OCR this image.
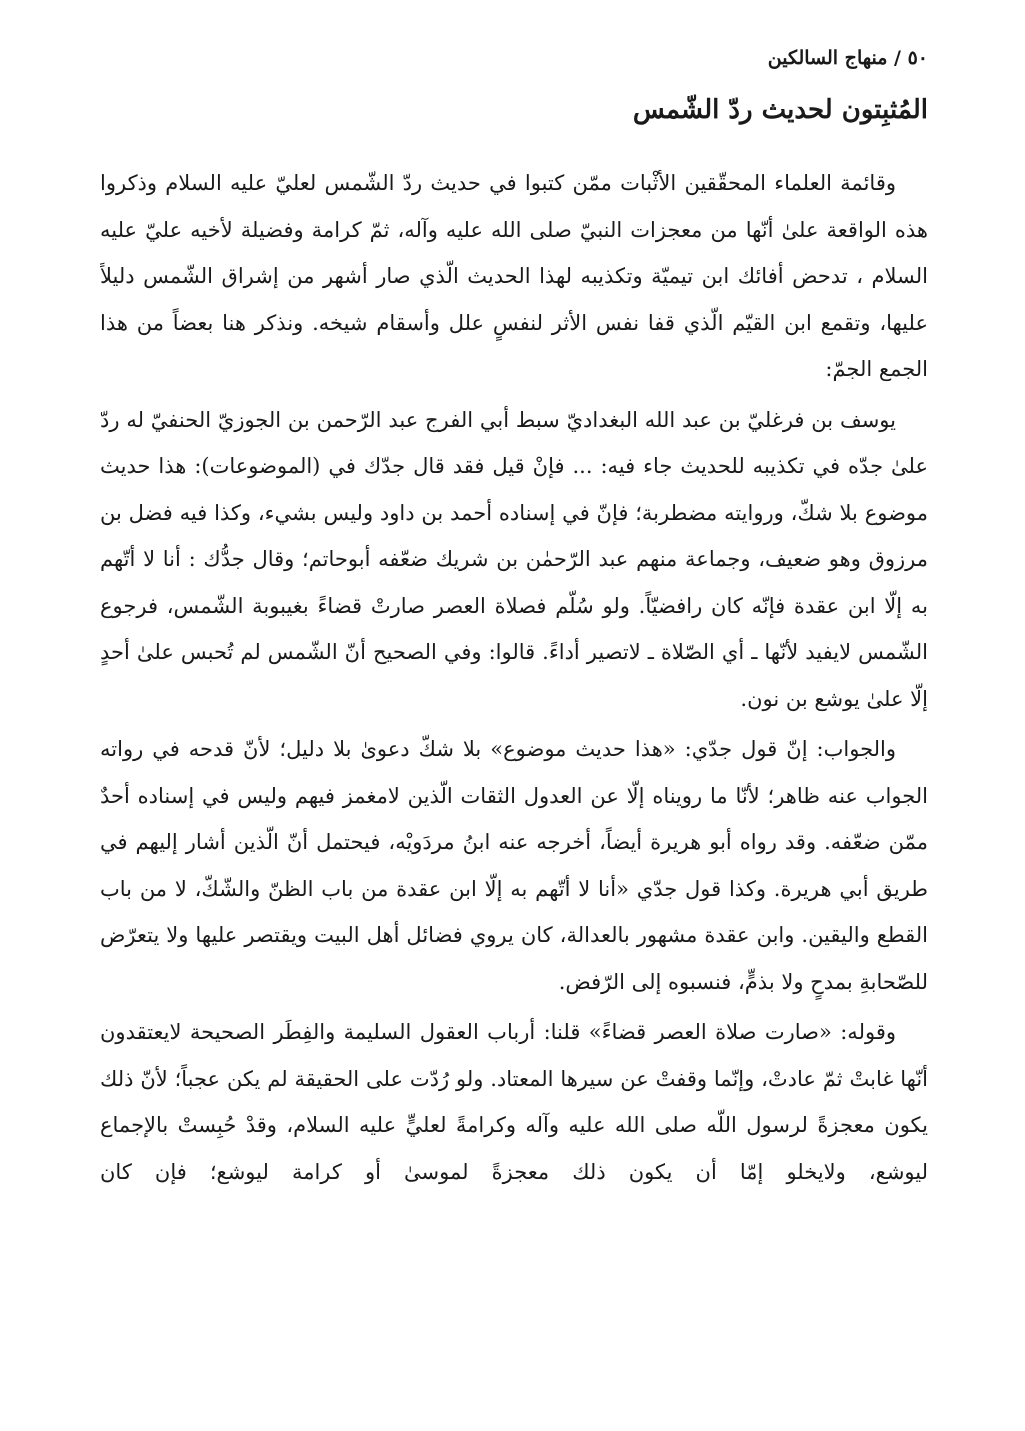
٥٠ / منهاج السالكين
المُثبِتون لحديث ردّ الشّمس

وقائمة العلماء المحقّقين الأثْبات ممّن كتبوا في حديث ردّ الشّمس لعليّ عليه السلام وذكروا هذه الواقعة علىٰ أنّها من معجزات النبيّ صلى الله عليه وآله، ثمّ كرامة وفضيلة لأخيه عليّ عليه السلام ، تدحض أفائك ابن تيميّة وتكذيبه لهذا الحديث الّذي صار أشهر من إشراق الشّمس دليلاً عليها، وتقمع ابن القيّم الّذي قفا نفس الأثر لنفسٍ علل وأسقام شيخه. ونذكر هنا بعضاً من هذا الجمع الجمّ:

يوسف بن فرغليّ بن عبد الله البغداديّ سبط أبي الفرج عبد الرّحمن بن الجوزيّ الحنفيّ له ردّ علىٰ جدّه في تكذيبه للحديث جاء فيه: ... فإنْ قيل فقد قال جدّك في (الموضوعات): هذا حديث موضوع بلا شكّ، وروايته مضطربة؛ فإنّ في إسناده أحمد بن داود وليس بشيء، وكذا فيه فضل بن مرزوق وهو ضعيف، وجماعة منهم عبد الرّحمٰن بن شريك ضعّفه أبوحاتم؛ وقال جدُّك : أنا لا أتّهم به إلّا ابن عقدة فإنّه كان رافضيّاً. ولو سُلّم فصلاة العصر صارتْ قضاءً بغيبوبة الشّمس، فرجوع الشّمس لايفيد لأنّها ـ أي الصّلاة ـ لاتصير أداءً. قالوا: وفي الصحيح أنّ الشّمس لم تُحبس علىٰ أحدٍ إلّا علىٰ يوشع بن نون.

والجواب: إنّ قول جدّي: «هذا حديث موضوع» بلا شكّ دعوىٰ بلا دليل؛ لأنّ قدحه في رواته الجواب عنه ظاهر؛ لأنّا ما رويناه إلّا عن العدول الثقات الّذين لامغمز فيهم وليس في إسناده أحدٌ ممّن ضعّفه. وقد رواه أبو هريرة أيضاً، أخرجه عنه ابنُ مردَويْه، فيحتمل أنّ الّذين أشار إليهم في طريق أبي هريرة. وكذا قول جدّي «أنا لا أتّهم به إلّا ابن عقدة من باب الظنّ والشّكّ، لا من باب القطع واليقين. وابن عقدة مشهور بالعدالة، كان يروي فضائل أهل البيت ويقتصر عليها ولا يتعرّض للصّحابةِ بمدحٍ ولا بذمٍّ، فنسبوه إلى الرّفض.

وقوله: «صارت صلاة العصر قضاءً» قلنا: أرباب العقول السليمة والفِطَر الصحيحة لايعتقدون أنّها غابتْ ثمّ عادتْ، وإنّما وقفتْ عن سيرها المعتاد. ولو رُدّت على الحقيقة لم يكن عجباً؛ لأنّ ذلك يكون معجزةً لرسول اللّه صلى الله عليه وآله وكرامةً لعليٍّ عليه السلام، وقدْ حُبِستْ بالإجماع ليوشع، ولايخلو إمّا أن يكون ذلك معجزةً لموسىٰ أو كرامة ليوشع؛ فإن كان
